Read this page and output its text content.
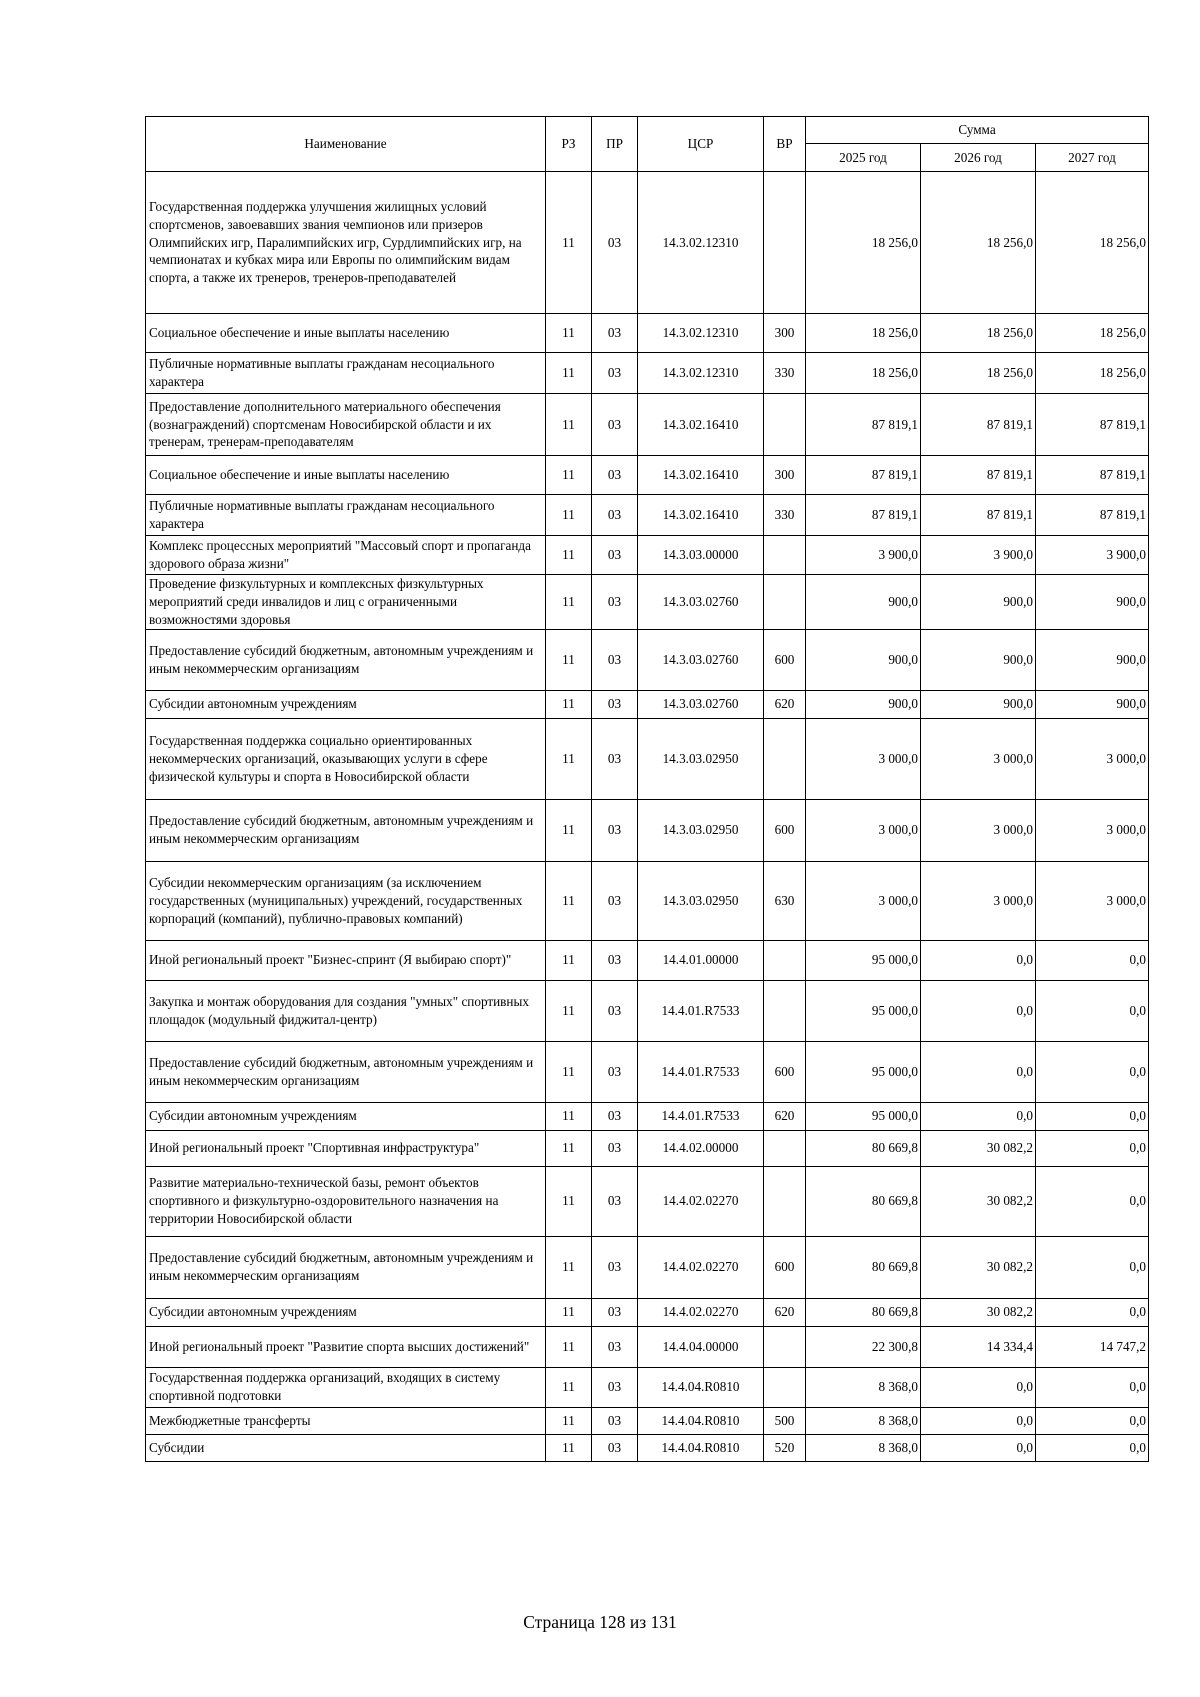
Наименование	РЗ	ПР	ЦСР	ВР	Сумма		
					2025 год	2026 год	2027 год
Государственная поддержка улучшения жилищных условий спортсменов, завоевавших звания чемпионов или призеров Олимпийских игр, Паралимпийских игр, Сурдлимпийских игр, на чемпионатах и кубках мира или Европы по олимпийским видам спорта, а также их тренеров, тренеров-преподавателей	11	03	14.3.02.12310		18 256,0	18 256,0	18 256,0
Социальное обеспечение и иные выплаты населению	11	03	14.3.02.12310	300	18 256,0	18 256,0	18 256,0
Публичные нормативные выплаты гражданам несоциального характера	11	03	14.3.02.12310	330	18 256,0	18 256,0	18 256,0
Предоставление дополнительного материального обеспечения (вознаграждений) спортсменам Новосибирской области и их тренерам, тренерам-преподавателям	11	03	14.3.02.16410		87 819,1	87 819,1	87 819,1
Социальное обеспечение и иные выплаты населению	11	03	14.3.02.16410	300	87 819,1	87 819,1	87 819,1
Публичные нормативные выплаты гражданам несоциального характера	11	03	14.3.02.16410	330	87 819,1	87 819,1	87 819,1
Комплекс процессных мероприятий "Массовый спорт и пропаганда здорового образа жизни"	11	03	14.3.03.00000		3 900,0	3 900,0	3 900,0
Проведение физкультурных и комплексных физкультурных мероприятий среди инвалидов и лиц с ограниченными возможностями здоровья	11	03	14.3.03.02760		900,0	900,0	900,0
Предоставление субсидий бюджетным, автономным учреждениям и иным некоммерческим организациям	11	03	14.3.03.02760	600	900,0	900,0	900,0
Субсидии автономным учреждениям	11	03	14.3.03.02760	620	900,0	900,0	900,0
Государственная поддержка социально ориентированных некоммерческих организаций, оказывающих услуги в сфере физической культуры и спорта в Новосибирской области	11	03	14.3.03.02950		3 000,0	3 000,0	3 000,0
Предоставление субсидий бюджетным, автономным учреждениям и иным некоммерческим организациям	11	03	14.3.03.02950	600	3 000,0	3 000,0	3 000,0
Субсидии некоммерческим организациям (за исключением государственных (муниципальных) учреждений, государственных корпораций (компаний), публично-правовых компаний)	11	03	14.3.03.02950	630	3 000,0	3 000,0	3 000,0
Иной региональный проект "Бизнес-спринт (Я выбираю спорт)"	11	03	14.4.01.00000		95 000,0	0,0	0,0
Закупка и монтаж оборудования для создания "умных" спортивных площадок (модульный фиджитал-центр)	11	03	14.4.01.R7533		95 000,0	0,0	0,0
Предоставление субсидий бюджетным, автономным учреждениям и иным некоммерческим организациям	11	03	14.4.01.R7533	600	95 000,0	0,0	0,0
Субсидии автономным учреждениям	11	03	14.4.01.R7533	620	95 000,0	0,0	0,0
Иной региональный проект "Спортивная инфраструктура"	11	03	14.4.02.00000		80 669,8	30 082,2	0,0
Развитие материально-технической базы, ремонт объектов спортивного и физкультурно-оздоровительного назначения на территории Новосибирской области	11	03	14.4.02.02270		80 669,8	30 082,2	0,0
Предоставление субсидий бюджетным, автономным учреждениям и иным некоммерческим организациям	11	03	14.4.02.02270	600	80 669,8	30 082,2	0,0
Субсидии автономным учреждениям	11	03	14.4.02.02270	620	80 669,8	30 082,2	0,0
Иной региональный проект "Развитие спорта высших достижений"	11	03	14.4.04.00000		22 300,8	14 334,4	14 747,2
Государственная поддержка организаций, входящих в систему спортивной подготовки	11	03	14.4.04.R0810		8 368,0	0,0	0,0
Межбюджетные трансферты	11	03	14.4.04.R0810	500	8 368,0	0,0	0,0
Субсидии	11	03	14.4.04.R0810	520	8 368,0	0,0	0,0
Страница 128 из 131
